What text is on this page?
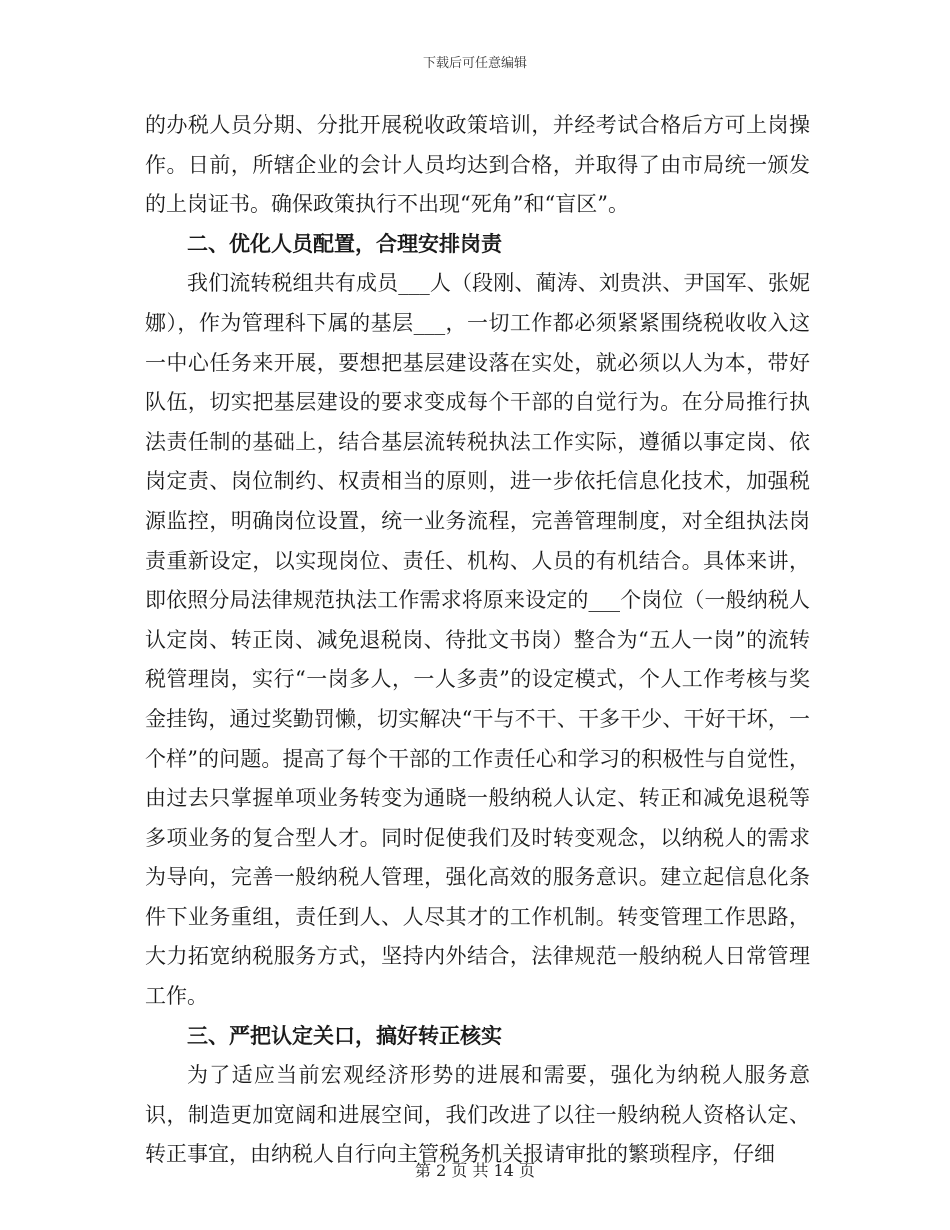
下载后可任意编辑

的办税人员分期、分批开展税收政策培训，并经考试合格后方可上岗操作。日前，所辖企业的会计人员均达到合格，并取得了由市局统一颁发的上岗证书。确保政策执行不出现“死角”和“盲区”。

二、优化人员配置，合理安排岗责

我们流转税组共有成员___人（段刚、蔺涛、刘贵洪、尹国军、张妮娜），作为管理科下属的基层___，一切工作都必须紧紧围绕税收收入这一中心任务来开展，要想把基层建设落在实处，就必须以人为本，带好队伍，切实把基层建设的要求变成每个干部的自觉行为。在分局推行执法责任制的基础上，结合基层流转税执法工作实际，遵循以事定岗、依岗定责、岗位制约、权责相当的原则，进一步依托信息化技术，加强税源监控，明确岗位设置，统一业务流程，完善管理制度，对全组执法岗责重新设定，以实现岗位、责任、机构、人员的有机结合。具体来讲，即依照分局法律规范执法工作需求将原来设定的___个岗位（一般纳税人认定岗、转正岗、减免退税岗、待批文书岗）整合为“五人一岗”的流转税管理岗，实行“一岗多人，一人多责”的设定模式，个人工作考核与奖金挂钩，通过奖勤罚懒，切实解决“干与不干、干多干少、干好干坏，一个样”的问题。提高了每个干部的工作责任心和学习的积极性与自觉性，由过去只掌握单项业务转变为通晓一般纳税人认定、转正和减免退税等多项业务的复合型人才。同时促使我们及时转变观念，以纳税人的需求为导向，完善一般纳税人管理，强化高效的服务意识。建立起信息化条件下业务重组，责任到人、人尽其才的工作机制。转变管理工作思路，大力拓宽纳税服务方式，坚持内外结合，法律规范一般纳税人日常管理工作。

三、严把认定关口，搞好转正核实

为了适应当前宏观经济形势的进展和需要，强化为纳税人服务意识，制造更加宽阔和进展空间，我们改进了以往一般纳税人资格认定、转正事宜，由纳税人自行向主管税务机关报请审批的繁琐程序，仔细

第 2 页 共 14 页
